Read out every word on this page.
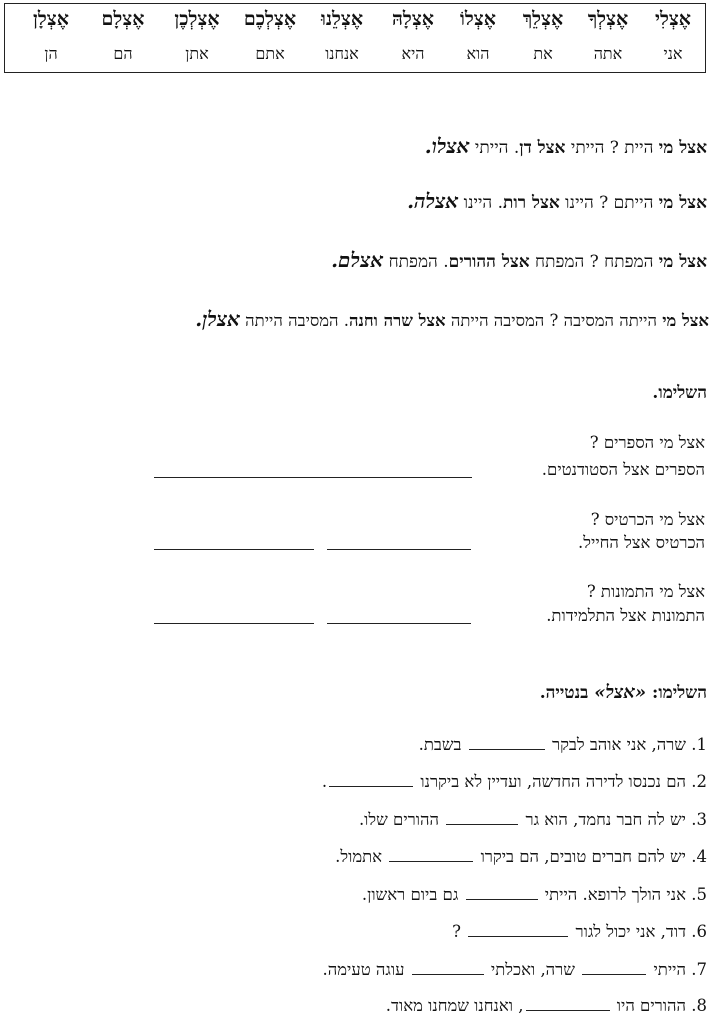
אֶצְלִי
אני
אֶצְלְךָ
אתה
אֶצְלֵךְ
את
אֶצְלוֹ
הוא
אֶצְלָהּ
היא
אֶצְלֵנוּ
אנחנו
אֶצְלְכֶם
אתם
אֶצְלְכֶן
אתן
אֶצְלָם
הם
אֶצְלָן
הן
אצל מי היית ? הייתי אצל דן. הייתי אצלו.
אצל מי הייתם ? היינו אצל רות. היינו אצלה.
אצל מי המפתח ? המפתח אצל ההורים. המפתח אצלם.
אצל מי הייתה המסיבה ? המסיבה הייתה אצל שרה וחנה. המסיבה הייתה אצלן.
השלימו.
אצל מי הספרים ?
הספרים אצל הסטודנטים.
אצל מי הכרטיס ?
הכרטיס אצל החייל.
אצל מי התמונות ?
התמונות אצל התלמידות.
השלימו: «אצל» בנטייה.
1. שרה, אני אוהב לבקר  בשבת.
2. הם נכנסו לדירה החדשה, ועדיין לא ביקרנו .
3. יש לה חבר נחמד, הוא גר  ההורים שלו.
4. יש להם חברים טובים, הם ביקרו  אתמול.
5. אני הולך לרופא. הייתי  גם ביום ראשון.
6. דוד, אני יכול לגור  ?
7. הייתי  שרה, ואכלתי  עוגה טעימה.
8. ההורים היו , ואנחנו שמחנו מאוד.
